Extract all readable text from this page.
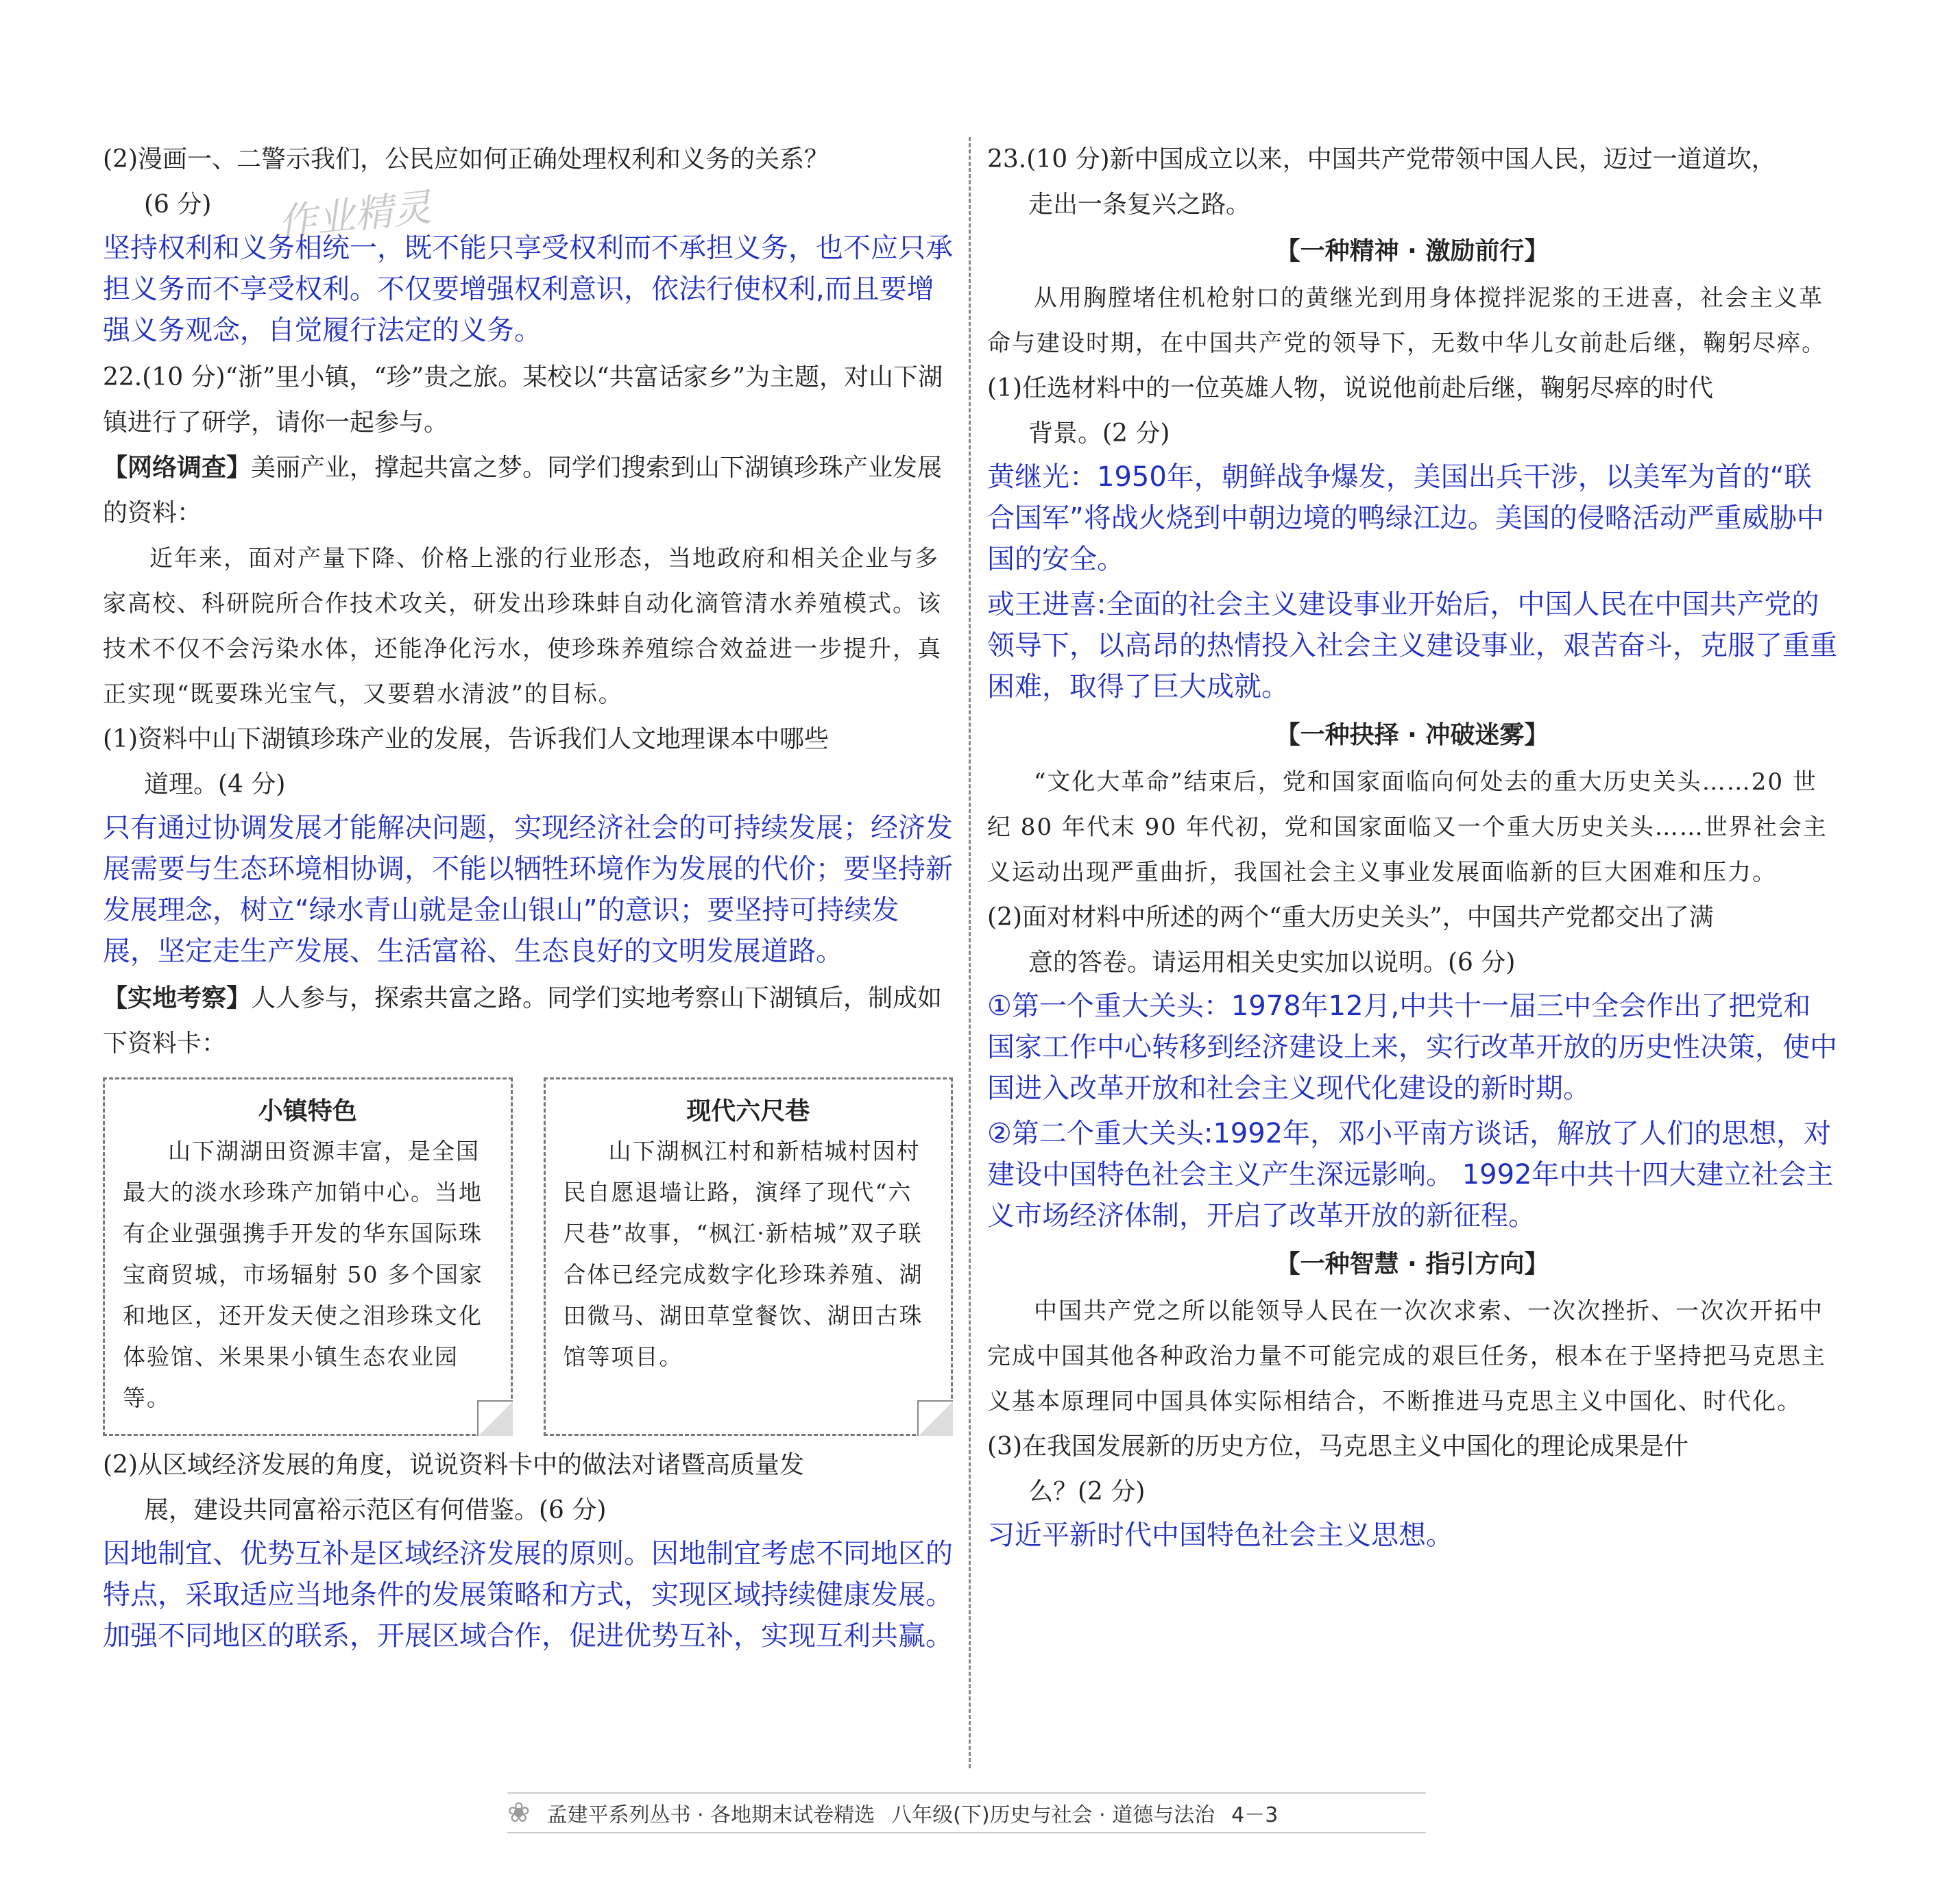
作业精灵

(2)漫画一、二警示我们，公民应如何正确处理权利和义务的关系？
(6 分)

坚持权利和义务相统一，既不能只享受权利而不承担义务，也不应只承担义务而不享受权利。不仅要增强权利意识，依法行使权利,而且要增强义务观念，自觉履行法定的义务。

22.(10 分)“浙”里小镇，“珍”贵之旅。某校以“共富话家乡”为主题，对山下湖镇进行了研学，请你一起参与。

【网络调查】美丽产业，撑起共富之梦。同学们搜索到山下湖镇珍珠产业发展的资料：

近年来，面对产量下降、价格上涨的行业形态，当地政府和相关企业与多家高校、科研院所合作技术攻关，研发出珍珠蚌自动化滴管清水养殖模式。该技术不仅不会污染水体，还能净化污水，使珍珠养殖综合效益进一步提升，真正实现“既要珠光宝气，又要碧水清波”的目标。

(1)资料中山下湖镇珍珠产业的发展，告诉我们人文地理课本中哪些
道理。(4 分)

只有通过协调发展才能解决问题，实现经济社会的可持续发展；经济发展需要与生态环境相协调，不能以牺牲环境作为发展的代价；要坚持新发展理念，树立“绿水青山就是金山银山”的意识；要坚持可持续发展，坚定走生产发展、生活富裕、生态良好的文明发展道路。

【实地考察】人人参与，探索共富之路。同学们实地考察山下湖镇后，制成如下资料卡：

小镇特色

山下湖湖田资源丰富，是全国最大的淡水珍珠产加销中心。当地有企业强强携手开发的华东国际珠宝商贸城，市场辐射 50 多个国家和地区，还开发天使之泪珍珠文化体验馆、米果果小镇生态农业园等。

现代六尺巷

山下湖枫江村和新桔城村因村民自愿退墙让路，演绎了现代“六尺巷”故事，“枫江·新桔城”双子联合体已经完成数字化珍珠养殖、湖田微马、湖田草堂餐饮、湖田古珠馆等项目。

(2)从区域经济发展的角度，说说资料卡中的做法对诸暨高质量发
展，建设共同富裕示范区有何借鉴。(6 分)

因地制宜、优势互补是区域经济发展的原则。因地制宜考虑不同地区的特点，采取适应当地条件的发展策略和方式，实现区域持续健康发展。加强不同地区的联系，开展区域合作，促进优势互补，实现互利共赢。

23.(10 分)新中国成立以来，中国共产党带领中国人民，迈过一道道坎，
走出一条复兴之路。

【一种精神 · 激励前行】

从用胸膛堵住机枪射口的黄继光到用身体搅拌泥浆的王进喜，社会主义革命与建设时期，在中国共产党的领导下，无数中华儿女前赴后继，鞠躬尽瘁。

(1)任选材料中的一位英雄人物，说说他前赴后继，鞠躬尽瘁的时代
背景。(2 分)

黄继光：1950年，朝鲜战争爆发，美国出兵干涉，以美军为首的“联合国军”将战火烧到中朝边境的鸭绿江边。美国的侵略活动严重威胁中国的安全。

或王进喜:全面的社会主义建设事业开始后，中国人民在中国共产党的领导下，以高昂的热情投入社会主义建设事业，艰苦奋斗，克服了重重困难，取得了巨大成就。

【一种抉择 · 冲破迷雾】

“文化大革命”结束后，党和国家面临向何处去的重大历史关头……20 世纪 80 年代末 90 年代初，党和国家面临又一个重大历史关头……世界社会主义运动出现严重曲折，我国社会主义事业发展面临新的巨大困难和压力。

(2)面对材料中所述的两个“重大历史关头”，中国共产党都交出了满
意的答卷。请运用相关史实加以说明。(6 分)

①第一个重大关头：1978年12月,中共十一届三中全会作出了把党和国家工作中心转移到经济建设上来，实行改革开放的历史性决策，使中国进入改革开放和社会主义现代化建设的新时期。

②第二个重大关头:1992年，邓小平南方谈话，解放了人们的思想，对建设中国特色社会主义产生深远影响。 1992年中共十四大建立社会主义市场经济体制，开启了改革开放的新征程。

【一种智慧 · 指引方向】

中国共产党之所以能领导人民在一次次求索、一次次挫折、一次次开拓中完成中国其他各种政治力量不可能完成的艰巨任务，根本在于坚持把马克思主义基本原理同中国具体实际相结合，不断推进马克思主义中国化、时代化。

(3)在我国发展新的历史方位，马克思主义中国化的理论成果是什
么？(2 分)

习近平新时代中国特色社会主义思想。

❀ 孟建平系列丛书 · 各地期末试卷精选 八年级(下)历史与社会 · 道德与法治 4－3
